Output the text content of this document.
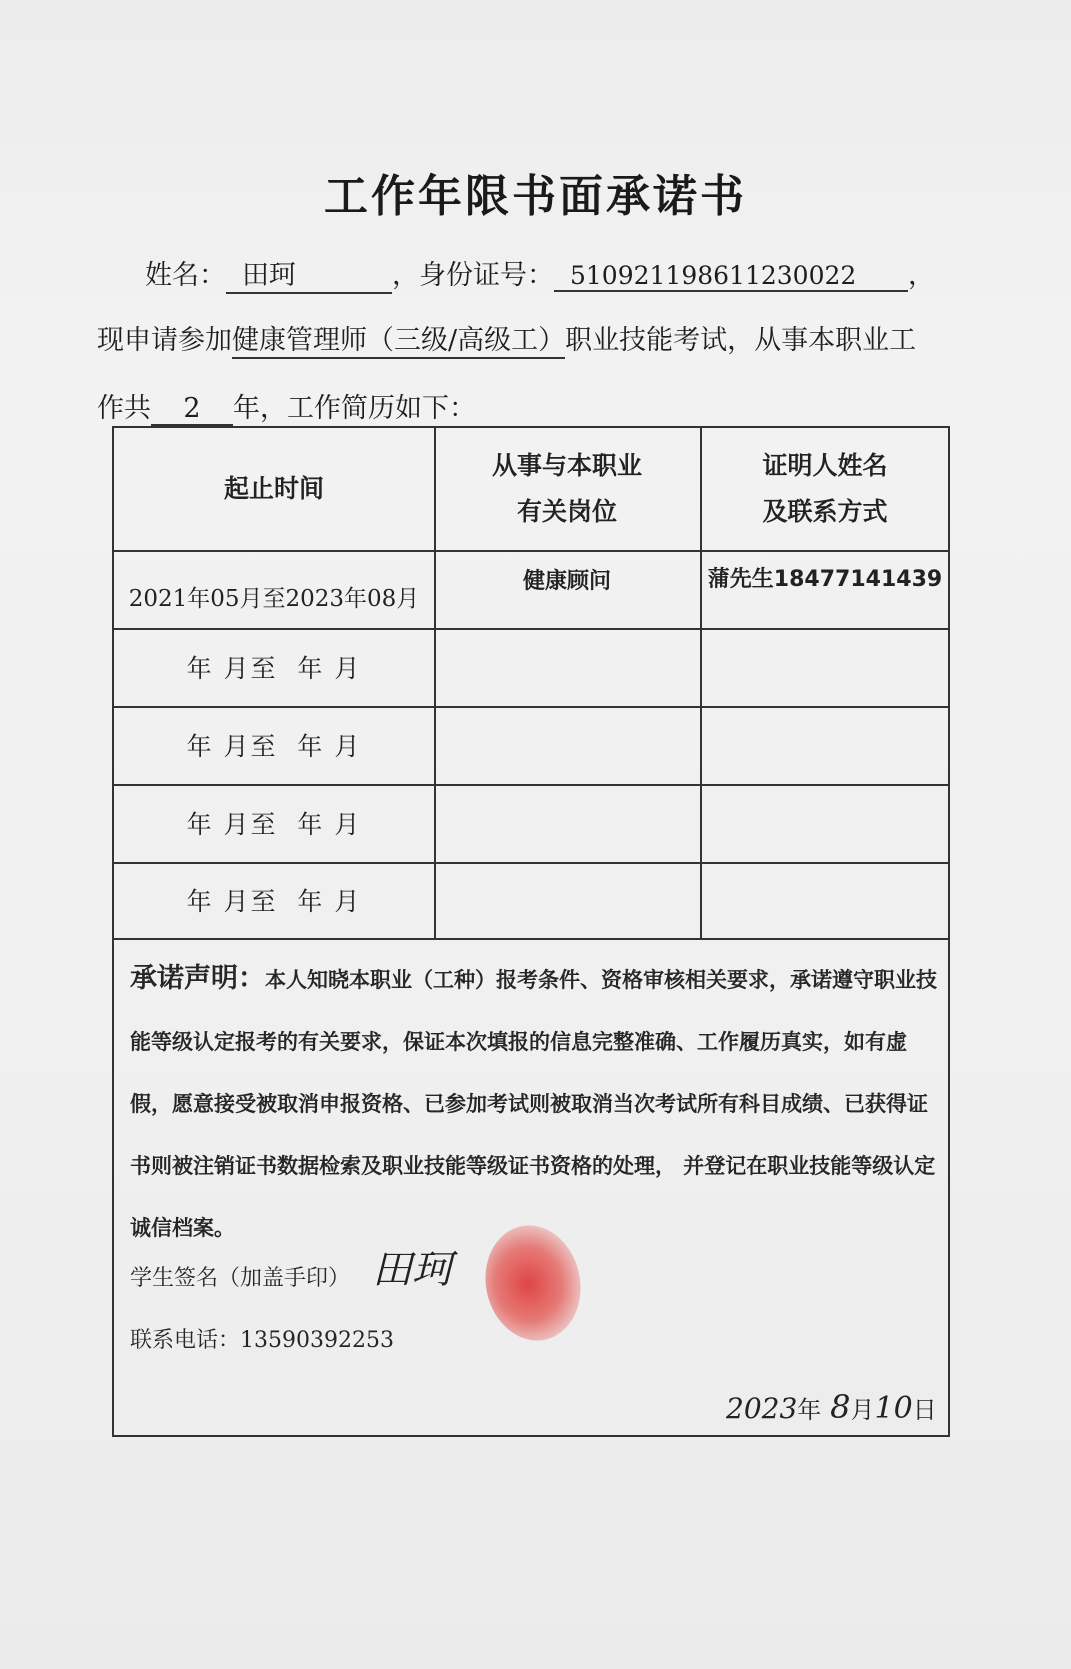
工作年限书面承诺书
姓名： 田珂	，身份证号： 510921198611230022 ，
现申请参加健康管理师（三级/高级工）职业技能考试，从事本职业工
作共 2 年，工作简历如下：
起止时间
从事与本职业
有关岗位
证明人姓名
及联系方式
2021年05月至2023年08月
健康顾问	蒲先生18477141439
年 月至  年 月
年 月至  年 月
年 月至  年 月
年 月至  年 月
承诺声明：本人知晓本职业（工种）报考条件、资格审核相关要求，承诺遵守职业技能等级认定报考的有关要求，保证本次填报的信息完整准确、工作履历真实，如有虚假，愿意接受被取消申报资格、已参加考试则被取消当次考试所有科目成绩、已获得证书则被注销证书数据检索及职业技能等级证书资格的处理， 并登记在职业技能等级认定诚信档案。
学生签名（加盖手印） 田珂
联系电话：13590392253
2023年 8月10日
